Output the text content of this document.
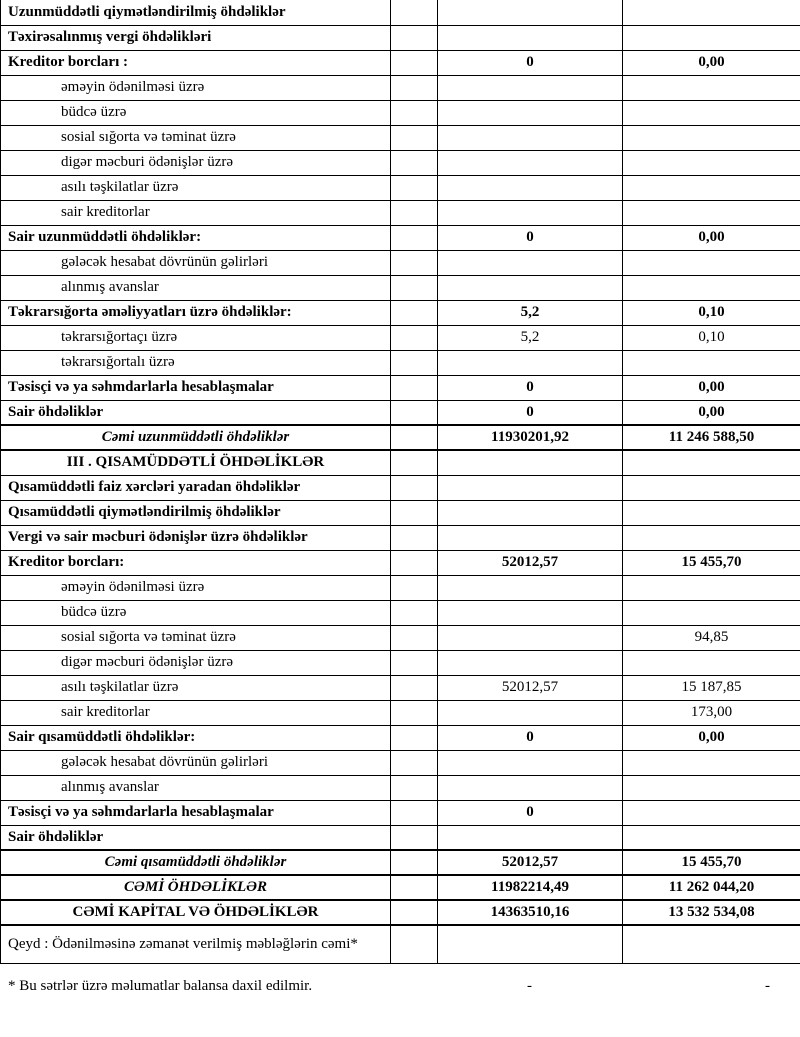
Uzunmüddətli qiymətləndirilmiş öhdəliklər			
Təxirəsalınmış vergi öhdəlikləri			
Kreditor borcları :		0	0,00
əməyin ödənilməsi üzrə			
büdcə üzrə			
sosial sığorta və təminat üzrə			
digər məcburi ödənişlər üzrə			
asılı təşkilatlar üzrə			
sair kreditorlar			
Sair uzunmüddətli öhdəliklər:		0	0,00
gələcək hesabat dövrünün gəlirləri			
alınmış avanslar			
Təkrarsığorta əməliyyatları üzrə öhdəliklər:		5,2	0,10
təkrarsığortaçı üzrə		5,2	0,10
təkrarsığortalı üzrə			
Təsisçi və ya səhmdarlarla hesablaşmalar		0	0,00
Sair öhdəliklər		0	0,00
Cəmi uzunmüddətli öhdəliklər		11930201,92	11 246 588,50
III . QISAMÜDDƏTLİ ÖHDƏLİKLƏR			
Qısamüddətli faiz xərcləri yaradan öhdəliklər			
Qısamüddətli qiymətləndirilmiş öhdəliklər			
Vergi və sair məcburi ödənişlər üzrə öhdəliklər			
Kreditor borcları:		52012,57	15 455,70
əməyin ödənilməsi üzrə			
büdcə üzrə			
sosial sığorta və təminat üzrə			94,85
digər məcburi ödənişlər üzrə			
asılı təşkilatlar üzrə		52012,57	15 187,85
sair kreditorlar			173,00
Sair qısamüddətli öhdəliklər:		0	0,00
gələcək hesabat dövrünün gəlirləri			
alınmış avanslar			
Təsisçi və ya səhmdarlarla hesablaşmalar		0	
Sair öhdəliklər			
Cəmi qısamüddətli öhdəliklər		52012,57	15 455,70
CƏMİ ÖHDƏLİKLƏR		11982214,49	11 262 044,20
CƏMİ KAPİTAL VƏ ÖHDƏLİKLƏR		14363510,16	13 532 534,08
Qeyd : Ödənilməsinə zəmanət verilmiş məbləğlərin cəmi*			
* Bu sətrlər üzrə məlumatlar balansa daxil edilmir.	-	-
